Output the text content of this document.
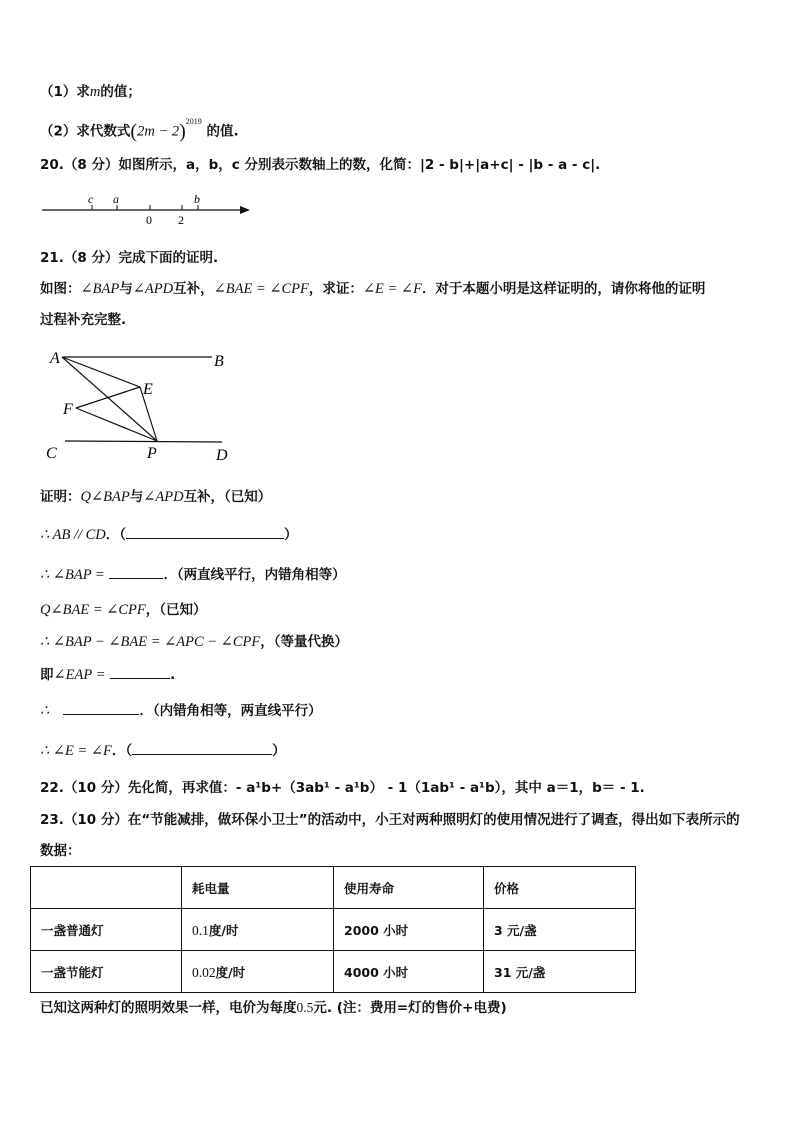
（1）求m的值；
（2）求代数式$(2m - 2)^{2019}$ 的值.
20.（8 分）如图所示，a，b，c 分别表示数轴上的数，化简：|2 - b|+|a+c| - |b - a - c|.
c a	b
0 2
21.（8 分）完成下面的证明.
如图：∠BAP与∠APD互补，∠BAE = ∠CPF，求证：∠E = ∠F．对于本题小明是这样证明的，请你将他的证明
过程补充完整.
A	B
E
F
C	P	D
证明：Q∠BAP与∠APD互补，（已知）
∴ AB // CD．（	）
∴ ∠BAP =	．（两直线平行，内错角相等）
Q∠BAE = ∠CPF，（已知）
∴ ∠BAP − ∠BAE = ∠APC − ∠CPF，（等量代换）
即∠EAP =	.
∴	．（内错角相等，两直线平行）
∴ ∠E = ∠F．（	）
22.（10 分）先化简，再求值：- a¹b+（3ab¹ - a¹b） - 1（1ab¹ - a¹b），其中 a＝1，b＝ - 1.
23.（10 分）在“节能减排，做环保小卫士”的活动中，小王对两种照明灯的使用情况进行了调查，得出如下表所示的
数据：
	耗电量	使用寿命	价格
一盏普通灯	0.1度/时	2000 小时	3 元/盏
一盏节能灯	0.02度/时	4000 小时	31 元/盏
已知这两种灯的照明效果一样，电价为每度0.5元. (注：费用=灯的售价+电费)
